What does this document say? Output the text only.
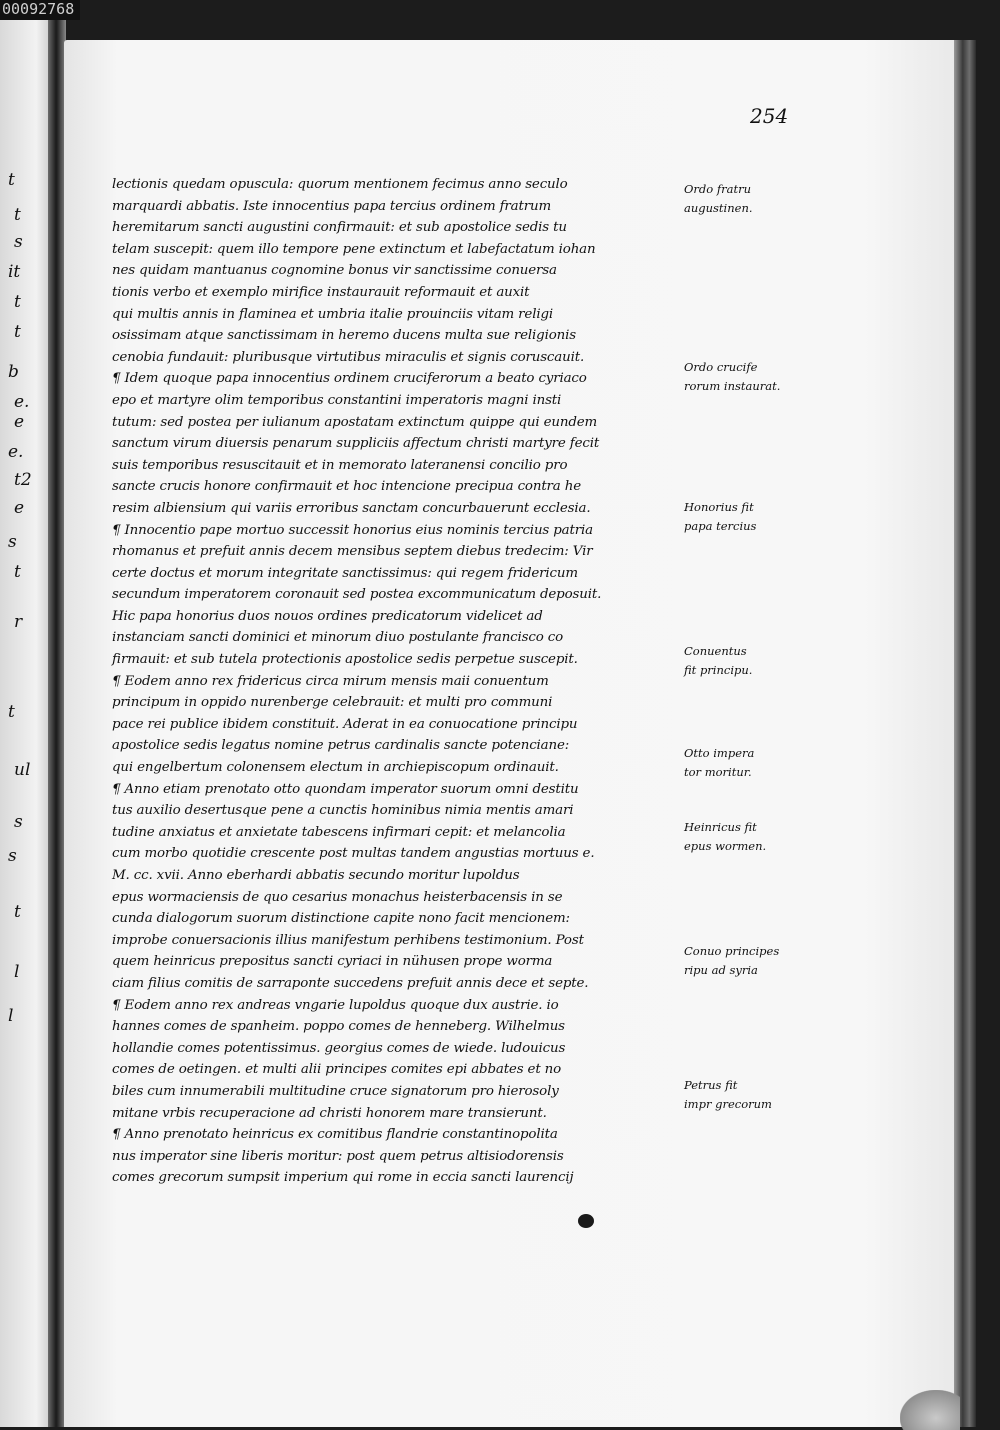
t
t
s
it
t
t
b
e.
e
e.
t2
e
s
t
r
t
ul
s
s
t
l
l
00092768
254
lectionis quedam opuscula: quorum mentionem fecimus anno seculo
marquardi abbatis. Iste innocentius papa tercius ordinem fratrum
heremitarum sancti augustini confirmauit: et sub apostolice sedis tu
telam suscepit: quem illo tempore pene extinctum et labefactatum iohan
nes quidam mantuanus cognomine bonus vir sanctissime conuersa
tionis verbo et exemplo mirifice instaurauit reformauit et auxit
qui multis annis in flaminea et umbria italie prouinciis vitam religi
osissimam atque sanctissimam in heremo ducens multa sue religionis
cenobia fundauit: pluribusque virtutibus miraculis et signis coruscauit.
¶ Idem quoque papa innocentius ordinem cruciferorum a beato cyriaco
epo et martyre olim temporibus constantini imperatoris magni insti
tutum: sed postea per iulianum apostatam extinctum quippe qui eundem
sanctum virum diuersis penarum suppliciis affectum christi martyre fecit
suis temporibus resuscitauit et in memorato lateranensi concilio pro
sancte crucis honore confirmauit et hoc intencione precipua contra he
resim albiensium qui variis erroribus sanctam concurbauerunt ecclesia.
¶ Innocentio pape mortuo successit honorius eius nominis tercius patria
rhomanus et prefuit annis decem mensibus septem diebus tredecim: Vir
certe doctus et morum integritate sanctissimus: qui regem fridericum
secundum imperatorem coronauit sed postea excommunicatum deposuit.
Hic papa honorius duos nouos ordines predicatorum videlicet ad
instanciam sancti dominici et minorum diuo postulante francisco co
firmauit: et sub tutela protectionis apostolice sedis perpetue suscepit.
¶ Eodem anno rex fridericus circa mirum mensis maii conuentum
principum in oppido nurenberge celebrauit: et multi pro communi
pace rei publice ibidem constituit. Aderat in ea conuocatione principu
apostolice sedis legatus nomine petrus cardinalis sancte potenciane:
qui engelbertum colonensem electum in archiepiscopum ordinauit.
¶ Anno etiam prenotato otto quondam imperator suorum omni destitu
tus auxilio desertusque pene a cunctis hominibus nimia mentis amari
tudine anxiatus et anxietate tabescens infirmari cepit: et melancolia
cum morbo quotidie crescente post multas tandem angustias mortuus e.
M. cc. xvii. Anno eberhardi abbatis secundo moritur lupoldus
epus wormaciensis de quo cesarius monachus heisterbacensis in se
cunda dialogorum suorum distinctione capite nono facit mencionem:
improbe conuersacionis illius manifestum perhibens testimonium. Post
quem heinricus prepositus sancti cyriaci in nühusen prope worma
ciam filius comitis de sarraponte succedens prefuit annis dece et septe.
¶ Eodem anno rex andreas vngarie lupoldus quoque dux austrie. io
hannes comes de spanheim. poppo comes de henneberg. Wilhelmus
hollandie comes potentissimus. georgius comes de wiede. ludouicus
comes de oetingen. et multi alii principes comites epi abbates et no
biles cum innumerabili multitudine cruce signatorum pro hierosoly
mitane vrbis recuperacione ad christi honorem mare transierunt.
¶ Anno prenotato heinricus ex comitibus flandrie constantinopolita
nus imperator sine liberis moritur: post quem petrus altisiodorensis
comes grecorum sumpsit imperium qui rome in eccia sancti laurencij
Ordo fratru
augustinen.
Ordo crucife
rorum instaurat.
Honorius fit
papa tercius
Conuentus
fit principu.
Otto impera
tor moritur.
Heinricus fit
epus wormen.
Conuo principes
ripu ad syria
Petrus fit
impr grecorum
